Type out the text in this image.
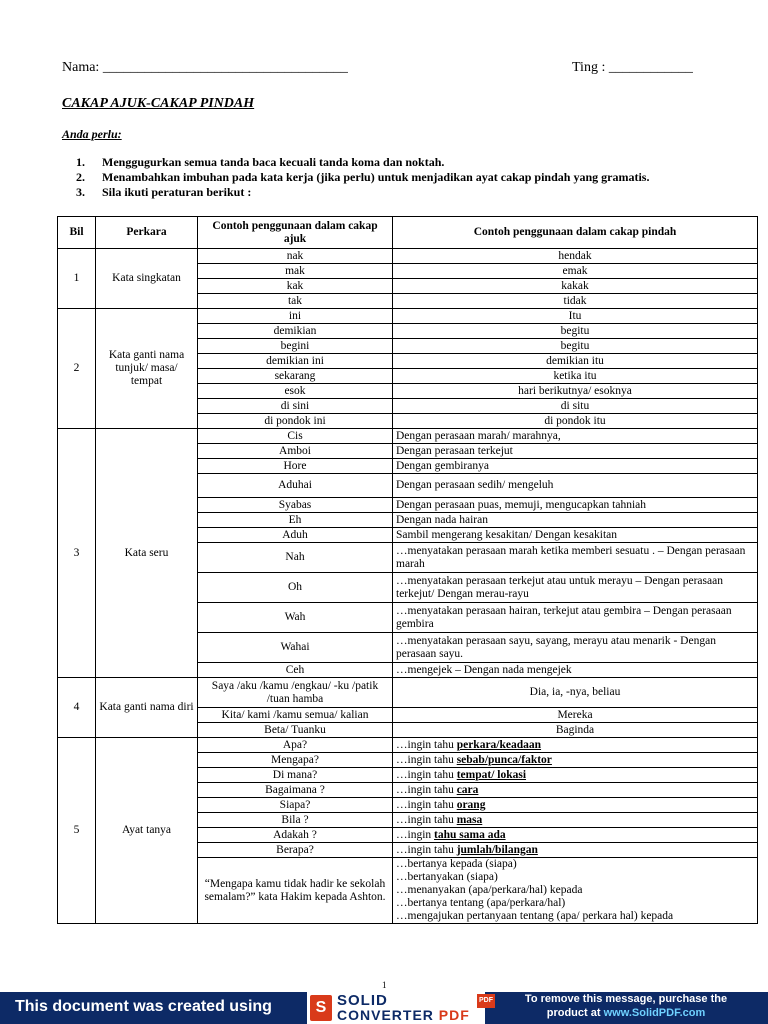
Nama: ___________________________________	Ting : ____________
CAKAP AJUK-CAKAP PINDAH
Anda perlu:
1.	Menggugurkan semua tanda baca kecuali tanda koma dan noktah.
2.	Menambahkan imbuhan pada kata kerja (jika perlu) untuk menjadikan ayat cakap pindah yang gramatis.
3.	Sila ikuti peraturan berikut :
Bil	Perkara	Contoh penggunaan dalam cakap ajuk	Contoh penggunaan dalam cakap pindah
1	Kata singkatan	nak	hendak
		mak	emak
		kak	kakak
		tak	tidak
2	Kata ganti nama tunjuk/ masa/ tempat	ini	Itu
		demikian	begitu
		begini	begitu
		demikian ini	demikian itu
		sekarang	ketika itu
		esok	hari berikutnya/ esoknya
		di sini	di situ
		di pondok ini	di pondok itu
3	Kata seru	Cis	Dengan perasaan marah/ marahnya,
		Amboi	Dengan perasaan terkejut
		Hore	Dengan gembiranya
		Aduhai	Dengan perasaan sedih/ mengeluh
		Syabas	Dengan perasaan puas, memuji, mengucapkan tahniah
		Eh	Dengan nada hairan
		Aduh	Sambil mengerang kesakitan/ Dengan kesakitan
		Nah	…menyatakan perasaan marah ketika memberi sesuatu . – Dengan perasaan marah
		Oh	…menyatakan perasaan terkejut atau untuk merayu – Dengan perasaan terkejut/ Dengan merau-rayu
		Wah	…menyatakan perasaan hairan, terkejut atau gembira – Dengan perasaan gembira
		Wahai	…menyatakan perasaan sayu, sayang, merayu atau menarik - Dengan perasaan sayu.
		Ceh	…mengejek – Dengan nada mengejek
4	Kata ganti nama diri	Saya /aku /kamu /engkau/ -ku /patik /tuan hamba	Dia, ia, -nya, beliau
		Kita/ kami /kamu semua/ kalian	Mereka
		Beta/ Tuanku	Baginda
5	Ayat tanya	Apa?	…ingin tahu perkara/keadaan
		Mengapa?	…ingin tahu sebab/punca/faktor
		Di mana?	…ingin tahu tempat/ lokasi
		Bagaimana ?	…ingin tahu cara
		Siapa?	…ingin tahu orang
		Bila ?	…ingin tahu masa
		Adakah ?	…ingin tahu sama ada
		Berapa?	…ingin tahu jumlah/bilangan
		“Mengapa kamu tidak hadir ke sekolah semalam?” kata Hakim kepada Ashton.	…bertanya kepada (siapa)
…bertanyakan (siapa)
…menanyakan (apa/perkara/hal) kepada
…bertanya tentang (apa/perkara/hal)
…mengajukan pertanyaan tentang (apa/ perkara hal) kepada
1
This document was created using	S SOLID
CONVERTER PDF
PDF	To remove this message, purchase the
product at www.SolidPDF.com
